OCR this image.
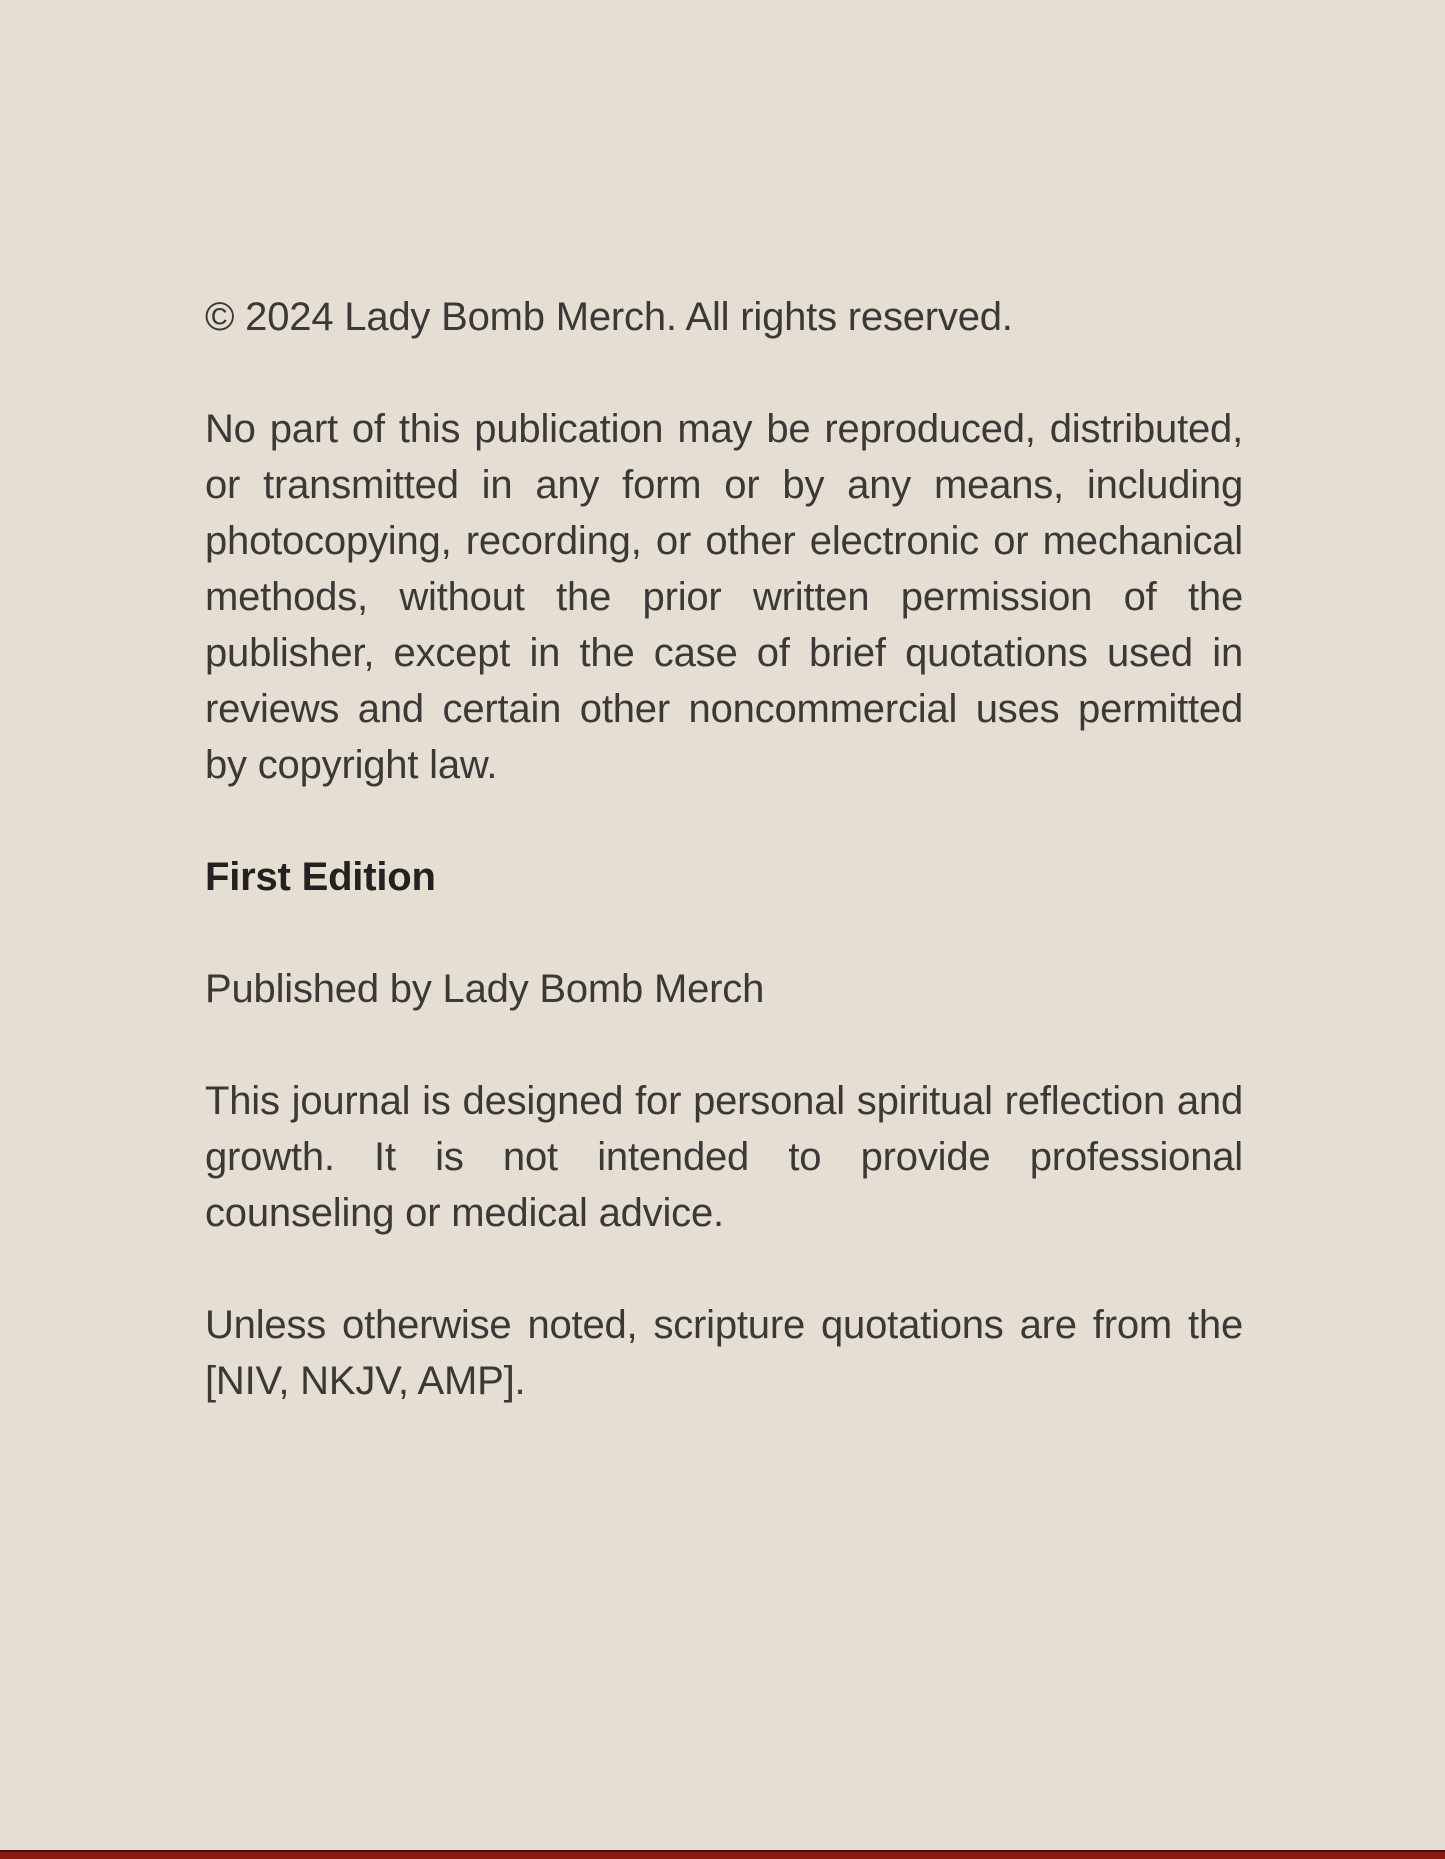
© 2024 Lady Bomb Merch. All rights reserved.

No part of this publication may be reproduced, distributed, or transmitted in any form or by any means, including photocopying, recording, or other electronic or mechanical methods, without the prior written permission of the publisher, except in the case of brief quotations used in reviews and certain other noncommercial uses permitted by copyright law.

First Edition

Published by Lady Bomb Merch

This journal is designed for personal spiritual reflection and growth. It is not intended to provide professional counseling or medical advice.

Unless otherwise noted, scripture quotations are from the [NIV, NKJV, AMP].
